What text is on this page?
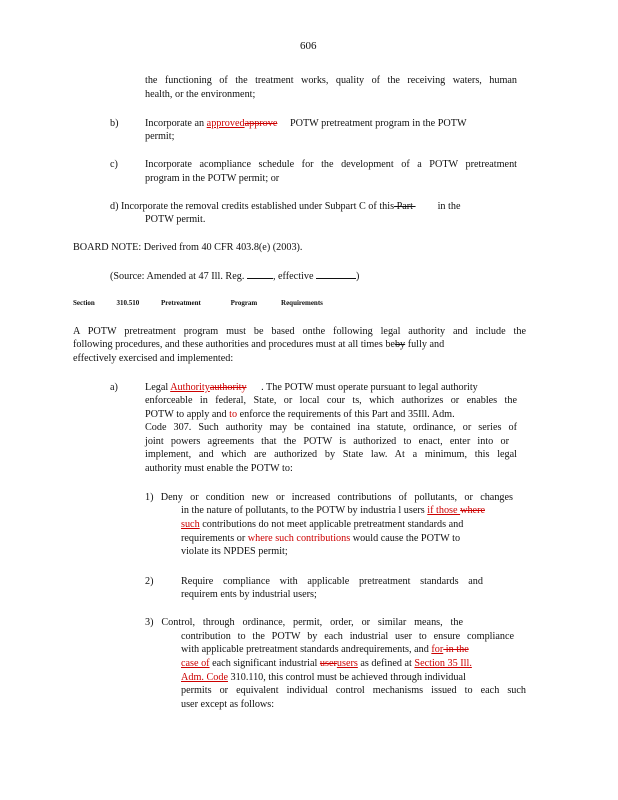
606
the functioning of the treatment works, quality of the receiving waters, human
health, or the environment;
b)	Incorporate an approvedapprove POTW pretreatment program in the POTW
permit;
c)	Incorporate acompliance schedule for the development of a POTW pretreatment
program in the POTW permit; or
d) Incorporate the removal credits established under Subpart C of this Part in the
POTW permit.
BOARD NOTE: Derived from 40 CFR 403.8(e) (2003).
(Source: Amended at 47 Ill. Reg.	, effective	)
Section	310.510	Pretreatment	Program	Requirements
A POTW pretreatment program must be based onthe following legal authority and include the
following procedures, and these authorities and procedures must at all times beby fully and
effectively exercised and implemented:
a)	Legal Authorityauthority . The POTW must operate pursuant to legal authority
enforceable in federal, State, or local cour ts, which authorizes or enables the
POTW to apply and to enforce the requirements of this Part and 35Ill. Adm.
Code 307. Such authority may be contained ina statute, ordinance, or series of
joint powers agreements that the POTW is authorized to enact, enter into or
implement, and which are authorized by State law. At a minimum, this legal
authority must enable the POTW to:
1) Deny or condition new or increased contributions of pollutants, or changes
in the nature of pollutants, to the POTW by industria l users if those where
such contributions do not meet applicable pretreatment standards and
requirements or where such contributions would cause the POTW to
violate its NPDES permit;
2)	Require compliance with applicable pretreatment standards and
requirem ents by industrial users;
3) Control, through ordinance, permit, order, or similar means, the
contribution to the POTW by each industrial user to ensure compliance
with applicable pretreatment standards andrequirements, and for in the
case of each significant industrial userusers as defined at Section 35 Ill.
Adm. Code 310.110, this control must be achieved through individual
permits or equivalent individual control mechanisms issued to each such
user except as follows:
